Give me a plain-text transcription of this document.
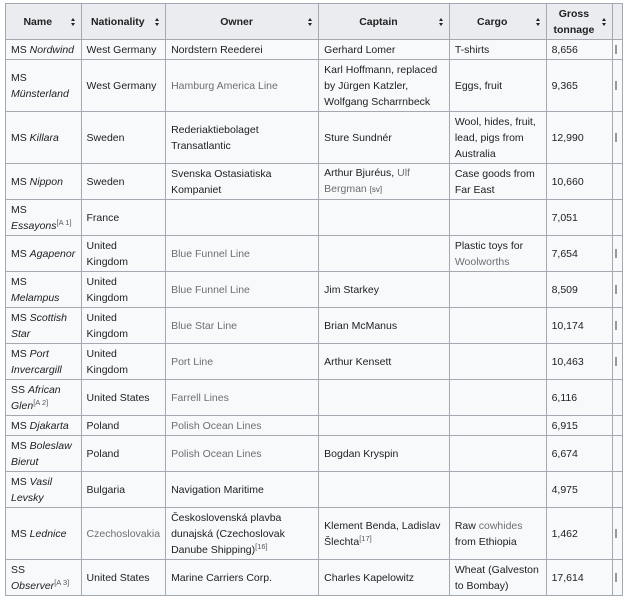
Name	Nationality	Owner	Captain	Cargo	Gross
tonnage

MS Nordwind	West Germany	Nordstern Reederei	Gerhard Lomer	T-shirts	8,656	
MS Münsterland	West Germany	Hamburg America Line	Karl Hoffmann, replaced by Jürgen Katzler, Wolfgang Scharrnbeck	Eggs, fruit	9,365	
MS Killara	Sweden	Rederiaktiebolaget Transatlantic	Sture Sundnér	Wool, hides, fruit, lead, pigs from Australia	12,990	
MS Nippon	Sweden	Svenska Ostasiatiska Kompaniet	Arthur Bjuréus, Ulf Bergman [sv]	Case goods from Far East	10,660	
MS Essayons[A 1]	France				7,051	
MS Agapenor	United Kingdom	Blue Funnel Line		Plastic toys for Woolworths	7,654	
MS Melampus	United Kingdom	Blue Funnel Line	Jim Starkey		8,509	
MS Scottish Star	United Kingdom	Blue Star Line	Brian McManus		10,174	
MS Port Invercargill	United Kingdom	Port Line	Arthur Kensett		10,463	
SS African Glen[A 2]	United States	Farrell Lines			6,116	
MS Djakarta	Poland	Polish Ocean Lines			6,915	
MS Boleslaw Bierut	Poland	Polish Ocean Lines	Bogdan Kryspin		6,674	
MS Vasil Levsky	Bulgaria	Navigation Maritime			4,975	
MS Lednice	Czechoslovakia	Československá plavba dunajská (Czechoslovak Danube Shipping)[16]	Klement Benda, Ladislav Šlechta[17]	Raw cowhides from Ethiopia	1,462	
SS Observer[A 3]	United States	Marine Carriers Corp.	Charles Kapelowitz	Wheat (Galveston to Bombay)	17,614	
